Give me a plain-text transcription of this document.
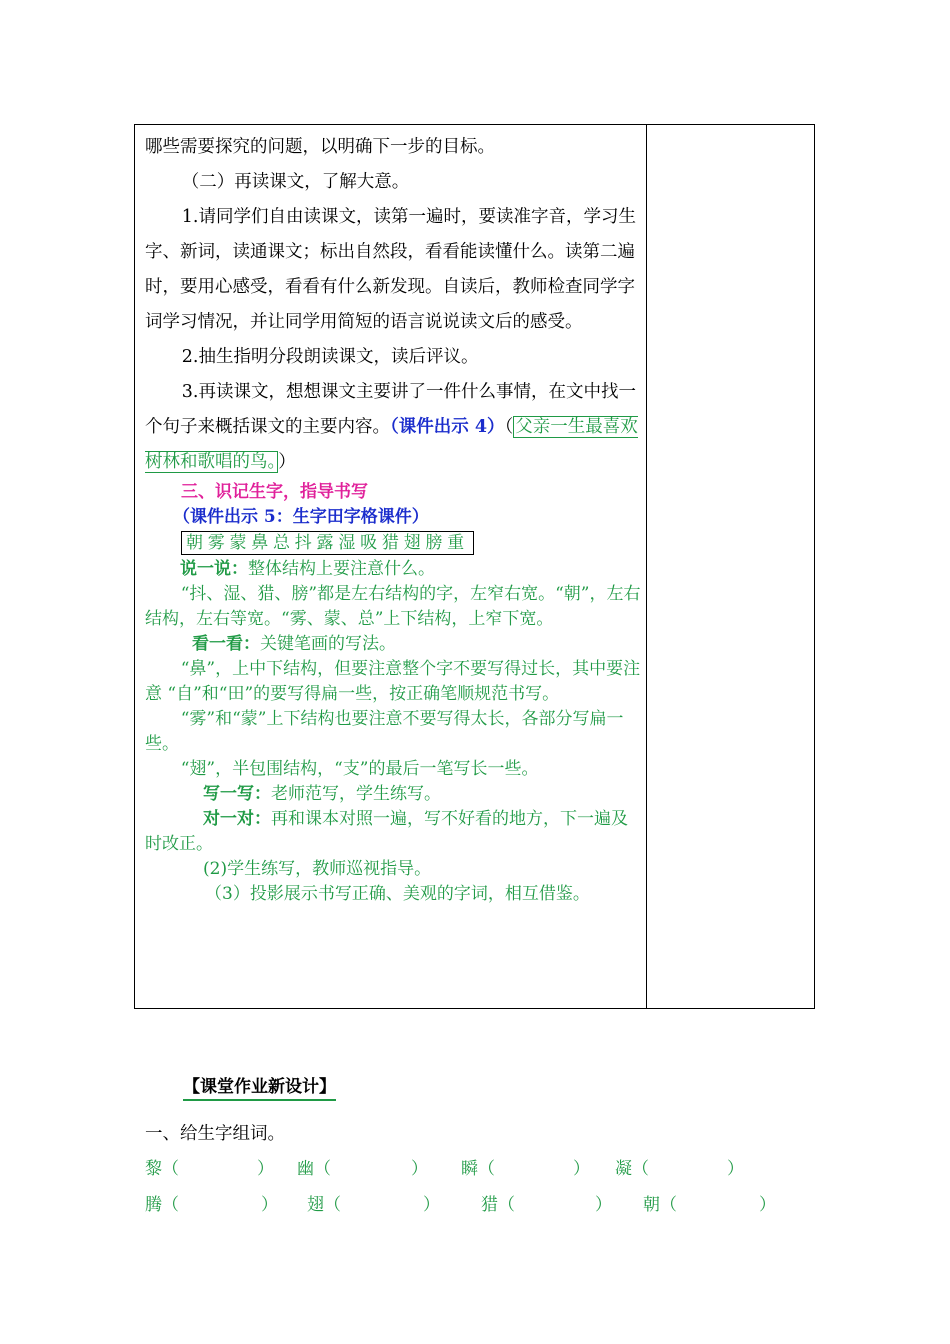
哪些需要探究的问题，以明确下一步的目标。

（二）再读课文，了解大意。

1.请同学们自由读课文，读第一遍时，要读准字音，学习生字、新词，读通课文；标出自然段，看看能读懂什么。读第二遍时，要用心感受，看看有什么新发现。自读后，教师检查同学字词学习情况，并让同学用简短的语言说说读文后的感受。

2.抽生指明分段朗读课文，读后评议。

3.再读课文，想想课文主要讲了一件什么事情，在文中找一个句子来概括课文的主要内容。（课件出示 4）（ 父亲一生最喜欢树林和歌唱的鸟。 ）

三、识记生字，指导书写

（课件出示 5：生字田字格课件）
朝雾蒙鼻总抖露湿吸猎翅膀重

说一说：整体结构上要注意什么。

“抖、湿、猎、膀”都是左右结构的字，左窄右宽。“朝”，左右结构，左右等宽。“雾、蒙、总”上下结构，上窄下宽。

看一看：关键笔画的写法。

“鼻”，上中下结构，但要注意整个字不要写得过长，其中要注意 “自”和“田”的要写得扁一些，按正确笔顺规范书写。

“雾”和“蒙”上下结构也要注意不要写得太长，各部分写扁一些。

“翅”，半包围结构，“支”的最后一笔写长一些。

写一写：老师范写，学生练写。

对一对：再和课本对照一遍，写不好看的地方，下一遍及时改正。

(2)学生练写，教师巡视指导。

（3）投影展示书写正确、美观的字词，相互借鉴。

【课堂作业新设计】
一、给生字组词。
黎（	） 幽（	） 瞬（	） 凝（	）
腾（	） 翅（	） 猎（	） 朝（	）
